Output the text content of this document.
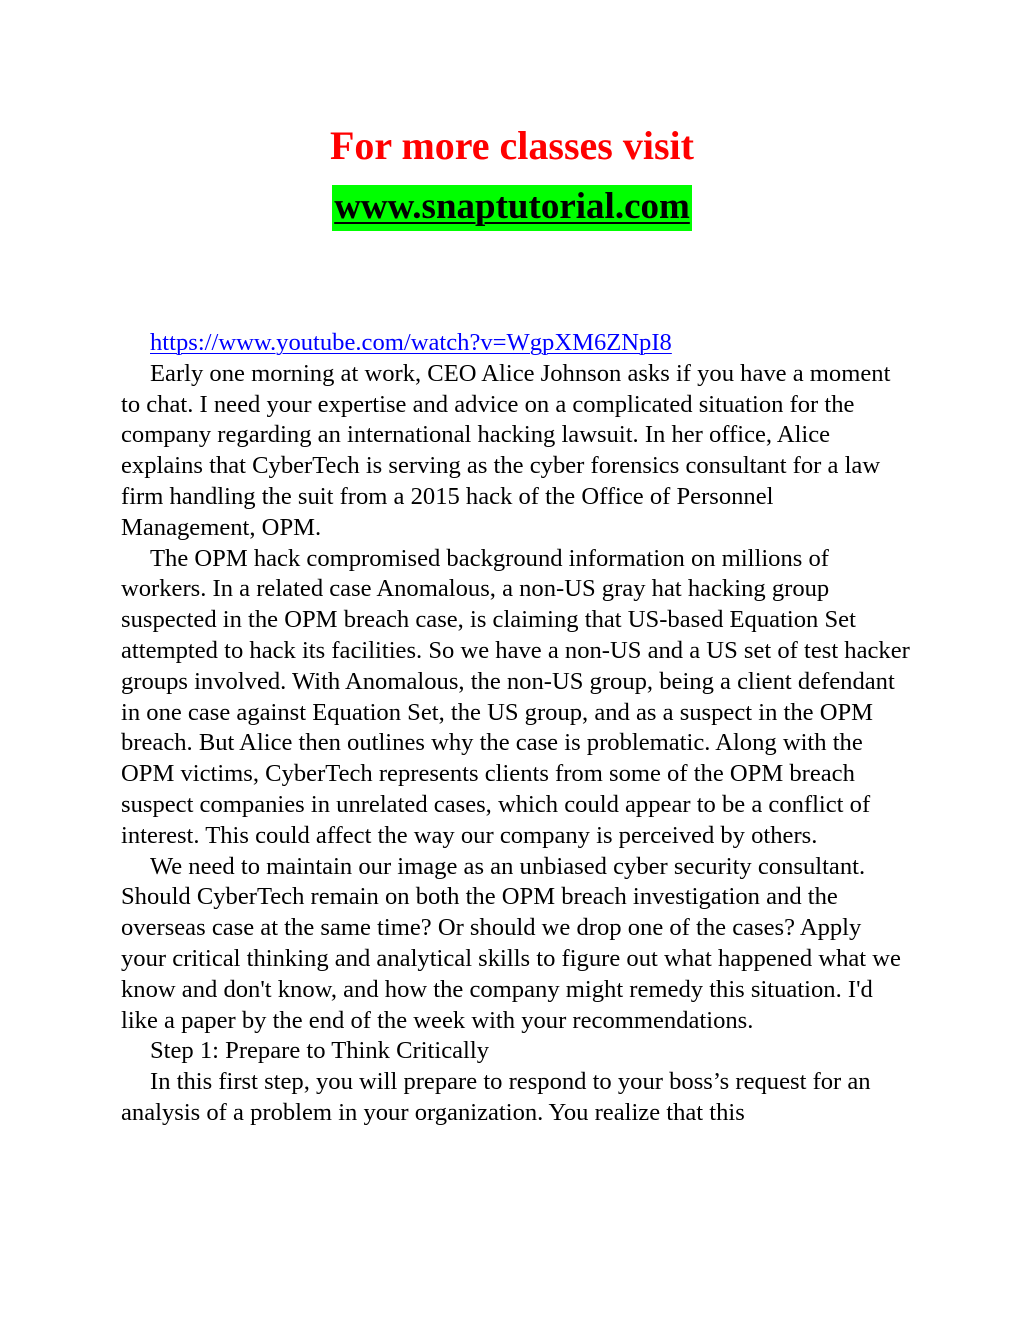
For more classes visit
www.snaptutorial.com
https://www.youtube.com/watch?v=WgpXM6ZNpI8

Early one morning at work, CEO Alice Johnson asks if you have a moment to chat. I need your expertise and advice on a complicated situation for the company regarding an international hacking lawsuit. In her office, Alice explains that CyberTech is serving as the cyber forensics consultant for a law firm handling the suit from a 2015 hack of the Office of Personnel Management, OPM.

The OPM hack compromised background information on millions of workers. In a related case Anomalous, a non-US gray hat hacking group suspected in the OPM breach case, is claiming that US-based Equation Set attempted to hack its facilities. So we have a non-US and a US set of test hacker groups involved. With Anomalous, the non-US group, being a client defendant in one case against Equation Set, the US group, and as a suspect in the OPM breach. But Alice then outlines why the case is problematic. Along with the OPM victims, CyberTech represents clients from some of the OPM breach suspect companies in unrelated cases, which could appear to be a conflict of interest. This could affect the way our company is perceived by others.

We need to maintain our image as an unbiased cyber security consultant. Should CyberTech remain on both the OPM breach investigation and the overseas case at the same time? Or should we drop one of the cases? Apply your critical thinking and analytical skills to figure out what happened what we know and don't know, and how the company might remedy this situation. I'd like a paper by the end of the week with your recommendations.

Step 1: Prepare to Think Critically

In this first step, you will prepare to respond to your boss’s request for an analysis of a problem in your organization. You realize that this
